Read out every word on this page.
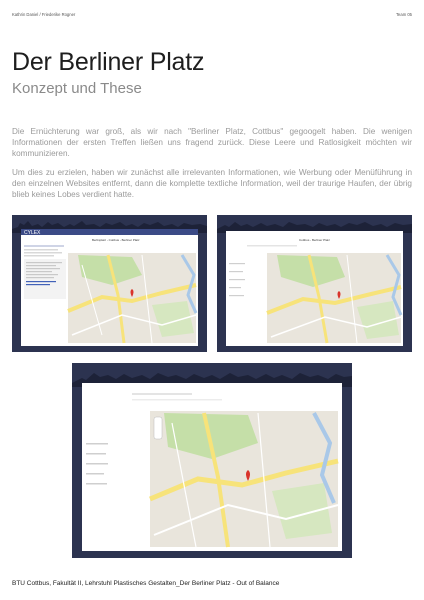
Kathrin Daniel / Friederike Rogner	Team 05
Der Berliner Platz
Konzept und These

Die Ernüchterung war groß, als wir nach "Berliner Platz, Cottbus" gegoogelt haben. Die wenigen Informationen der ersten Treffen ließen uns fragend zurück. Diese Leere und Ratlosigkeit möchten wir kommunizieren.

Um dies zu erzielen, haben wir zunächst alle irrelevanten Informationen, wie Werbung oder Menüführung in den einzelnen Websites entfernt, dann die komplette textliche Information, weil der traurige Haufen, der übrig blieb keines Lobes verdient hatte.

CYLEX
Berlinplatz - Cottbus - Berliner Platz	Cottbus - Berliner Platz
BTU Cottbus, Fakultät II, Lehrstuhl Plastisches Gestalten_Der Berliner Platz - Out of Balance
